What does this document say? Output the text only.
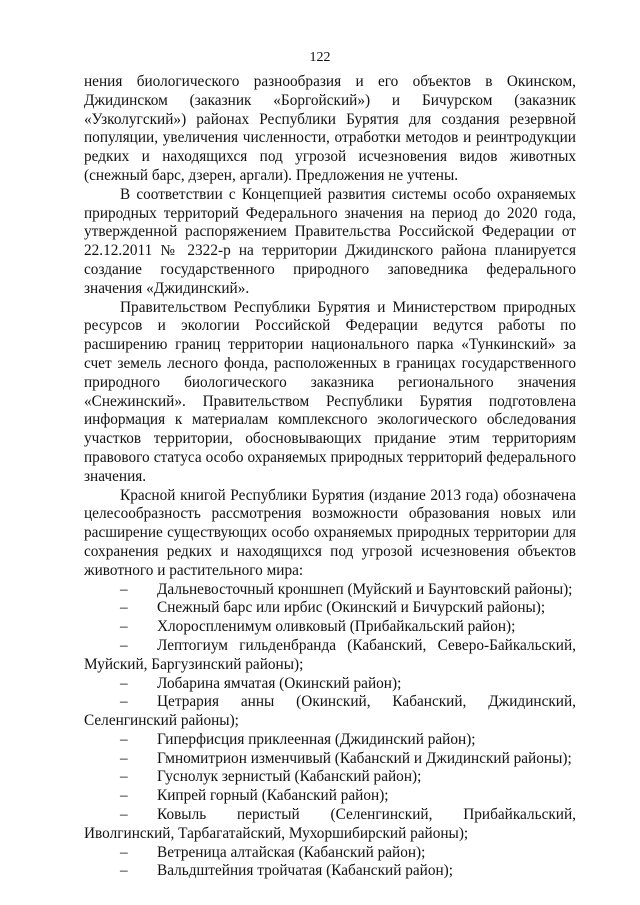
122

нения биологического разнообразия и его объектов в Окинском, Джидинском (заказник «Боргойский») и Бичурском (заказник «Узколугский») районах Республики Бурятия для создания резервной популяции, увеличения численности, отработки методов и реинтродукции редких и находящихся под угрозой исчезновения видов животных (снежный барс, дзерен, аргали). Предложения не учтены.

В соответствии с Концепцией развития системы особо охраняемых природных территорий Федерального значения на период до 2020 года, утвержденной распоряжением Правительства Российской Федерации от 22.12.2011 № 2322-р на территории Джидинского района планируется создание государственного природного заповедника федерального значения «Джидинский».

Правительством Республики Бурятия и Министерством природных ресурсов и экологии Российской Федерации ведутся работы по расширению границ территории национального парка «Тункинский» за счет земель лесного фонда, расположенных в границах государственного природного биологического заказника регионального значения «Снежинский». Правительством Республики Бурятия подготовлена информация к материалам комплексного экологического обследования участков территории, обосновывающих придание этим территориям правового статуса особо охраняемых природных территорий федерального значения.

Красной книгой Республики Бурятия (издание 2013 года) обозначена целесообразность рассмотрения возможности образования новых или расширение существующих особо охраняемых природных территории для сохранения редких и находящихся под угрозой исчезновения объектов животного и растительного мира:

– Дальневосточный кроншнеп (Муйский и Баунтовский районы);
– Снежный барс или ирбис (Окинский и Бичурский районы);
– Хлороспленимум оливковый (Прибайкальский район);
– Лептогиум гильденбранда (Кабанский, Северо-Байкальский, Муйский, Баргузинский районы);
– Лобарина ямчатая (Окинский район);
– Цетрария анны (Окинский, Кабанский, Джидинский, Селенгинский районы);
– Гиперфисция приклеенная (Джидинский район);
– Гмномитрион изменчивый (Кабанский и Джидинский районы);
– Гуснолук зернистый (Кабанский район);
– Кипрей горный (Кабанский район);
– Ковыль перистый (Селенгинский, Прибайкальский, Иволгинский, Тарбагатайский, Мухоршибирский районы);
– Ветреница алтайская (Кабанский район);
– Вальдштейния тройчатая (Кабанский район);
